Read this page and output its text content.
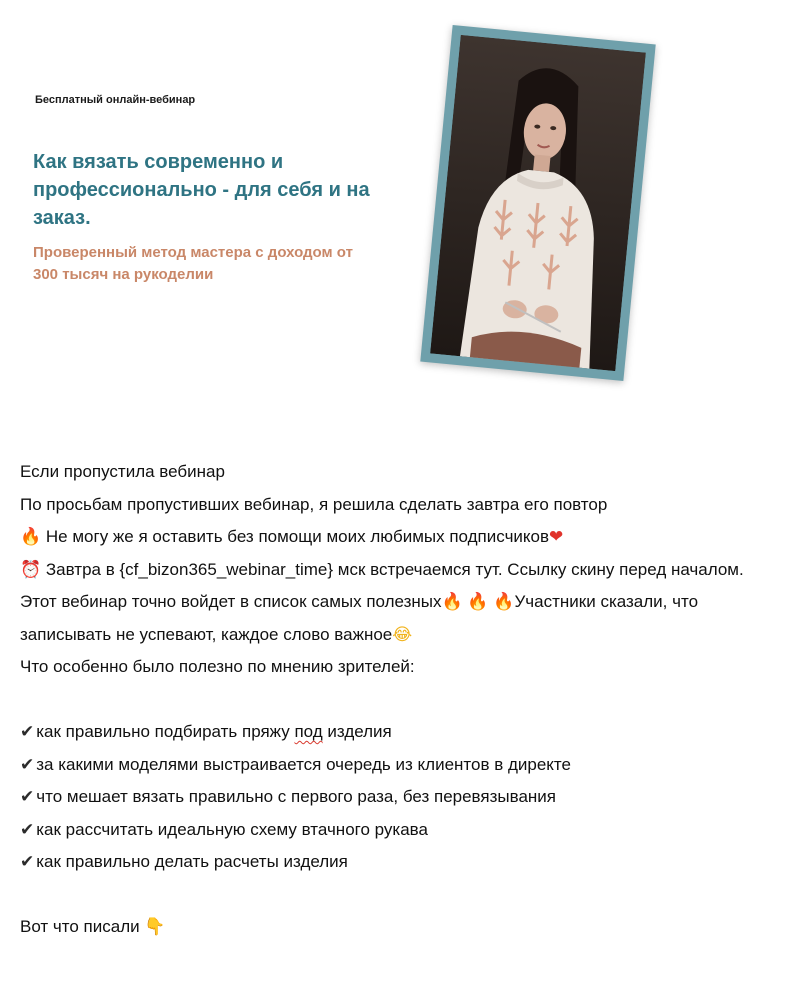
Бесплатный онлайн-вебинар
Как вязать современно и профессионально - для себя и на заказ.
Проверенный метод мастера с доходом от 300 тысяч на рукоделии

Если пропустила вебинар

По просьбам пропустивших вебинар, я решила сделать завтра его повтор

🔥 Не могу же я оставить без помощи моих любимых подписчиков❤

⏰ Завтра в {cf_bizon365_webinar_time} мск встречаемся тут. Ссылку скину перед началом.

Этот вебинар точно войдет в список самых полезных🔥 🔥 🔥Участники сказали, что записывать не успевают, каждое слово важное😂

Что особенно было полезно по мнению зрителей:

✔ как правильно подбирать пряжу под изделия

✔ за какими моделями выстраивается очередь из клиентов в директе

✔ что мешает вязать правильно с первого раза, без перевязывания

✔ как рассчитать идеальную схему втачного рукава

✔ как правильно делать расчеты изделия

Вот что писали 👇
